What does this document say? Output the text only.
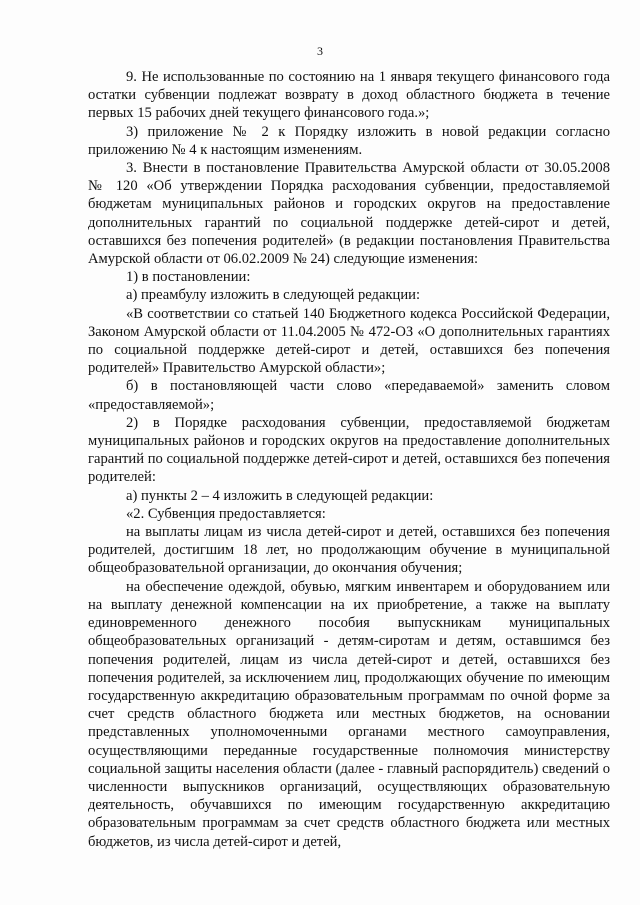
3

9. Не использованные по состоянию на 1 января текущего финансового года остатки субвенции подлежат возврату в доход областного бюджета в течение первых 15 рабочих дней текущего финансового года.»;

3) приложение № 2 к Порядку изложить в новой редакции согласно приложению № 4 к настоящим изменениям.

3. Внести в постановление Правительства Амурской области от 30.05.2008 № 120 «Об утверждении Порядка расходования субвенции, предоставляемой бюджетам муниципальных районов и городских округов на предоставление дополнительных гарантий по социальной поддержке детей-сирот и детей, оставшихся без попечения родителей» (в редакции постановления Правительства Амурской области от 06.02.2009 № 24) следующие изменения:

1) в постановлении:

а) преамбулу изложить в следующей редакции:

«В соответствии со статьей 140 Бюджетного кодекса Российской Федерации, Законом Амурской области от 11.04.2005 № 472-ОЗ «О дополнительных гарантиях по социальной поддержке детей-сирот и детей, оставшихся без попечения родителей» Правительство Амурской области»;

б) в постановляющей части слово «передаваемой» заменить словом «предоставляемой»;

2) в Порядке расходования субвенции, предоставляемой бюджетам муниципальных районов и городских округов на предоставление дополнительных гарантий по социальной поддержке детей-сирот и детей, оставшихся без попечения родителей:

а) пункты 2 – 4 изложить в следующей редакции:

«2. Субвенция предоставляется:

на выплаты лицам из числа детей-сирот и детей, оставшихся без попечения родителей, достигшим 18 лет, но продолжающим обучение в муниципальной общеобразовательной организации, до окончания обучения;

на обеспечение одеждой, обувью, мягким инвентарем и оборудованием или на выплату денежной компенсации на их приобретение, а также на выплату единовременного денежного пособия выпускникам муниципальных общеобразовательных организаций - детям-сиротам и детям, оставшимся без попечения родителей, лицам из числа детей-сирот и детей, оставшихся без попечения родителей, за исключением лиц, продолжающих обучение по имеющим государственную аккредитацию образовательным программам по очной форме за счет средств областного бюджета или местных бюджетов, на основании представленных уполномоченными органами местного самоуправления, осуществляющими переданные государственные полномочия министерству социальной защиты населения области (далее - главный распорядитель) сведений о численности выпускников организаций, осуществляющих образовательную деятельность, обучавшихся по имеющим государственную аккредитацию образовательным программам за счет средств областного бюджета или местных бюджетов, из числа детей-сирот и детей,
